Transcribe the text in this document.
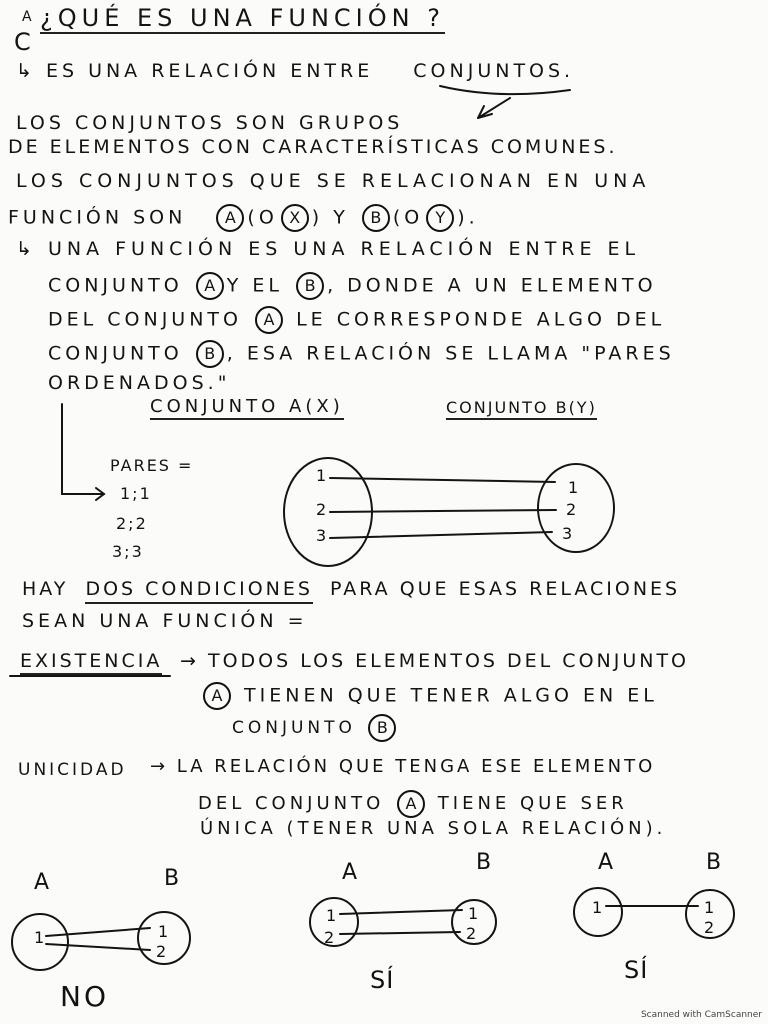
A ¿QUÉ ES UNA FUNCIÓN ?
C
↳ ES UNA RELACIÓN ENTRE CONJUNTOS.
LOS CONJUNTOS SON GRUPOS
DE ELEMENTOS CON CARACTERÍSTICAS COMUNES.
LOS CONJUNTOS QUE SE RELACIONAN EN UNA
FUNCIÓN SON A (O X ) Y B (O Y ).
↳ UNA FUNCIÓN ES UNA RELACIÓN ENTRE EL
CONJUNTO A Y EL B , DONDE A UN ELEMENTO
DEL CONJUNTO A LE CORRESPONDE ALGO DEL
CONJUNTO B , ESA RELACIÓN SE LLAMA "PARES
ORDENADOS."
CONJUNTO A(X)	CONJUNTO B(Y)
PARES =
1;1
2;2
3;3
1
2
3
1
2
3
HAY DOS CONDICIONES PARA QUE ESAS RELACIONES
SEAN UNA FUNCIÓN =
EXISTENCIA → TODOS LOS ELEMENTOS DEL CONJUNTO
A TIENEN QUE TENER ALGO EN EL
CONJUNTO B
UNICIDAD → LA RELACIÓN QUE TENGA ESE ELEMENTO
DEL CONJUNTO A TIENE QUE SER
ÚNICA (TENER UNA SOLA RELACIÓN).
A	B
1	1
2
NO
A	B
1
2
1
2
SÍ
A	B
1	1
2
SÍ
Scanned with CamScanner
